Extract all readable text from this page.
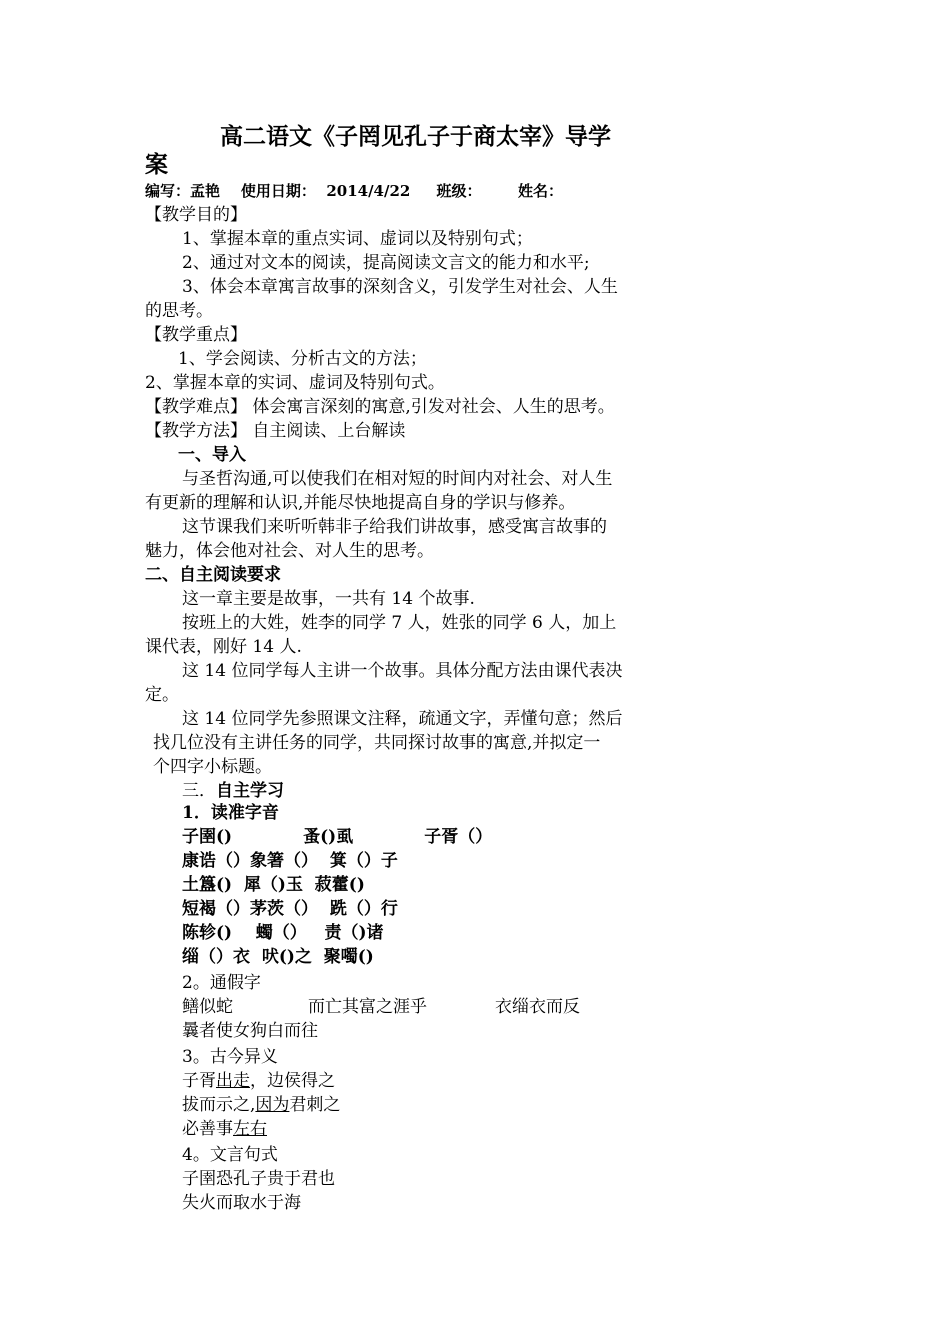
高二语文《子罔见孔子于商太宰》导学
案
编写：孟艳    使用日期：  2014/4/22     班级：       姓名：
【教学目的】
1、掌握本章的重点实词、虚词以及特别句式；
2、通过对文本的阅读，提高阅读文言文的能力和水平;
3、体会本章寓言故事的深刻含义，引发学生对社会、人生
的思考。
【教学重点】
1、学会阅读、分析古文的方法；
2、掌握本章的实词、虚词及特别句式。
【教学难点】 体会寓言深刻的寓意,引发对社会、人生的思考。
【教学方法】 自主阅读、上台解读
一、导入
与圣哲沟通,可以使我们在相对短的时间内对社会、对人生
有更新的理解和认识,并能尽快地提高自身的学识与修养。
这节课我们来听听韩非子给我们讲故事，感受寓言故事的
魅力，体会他对社会、对人生的思考。
二、自主阅读要求
这一章主要是故事，一共有 14 个故事.
按班上的大姓，姓李的同学 7 人，姓张的同学 6 人，加上
课代表，刚好 14 人.
这 14 位同学每人主讲一个故事。具体分配方法由课代表决
定。
这 14 位同学先参照课文注释，疏通文字，弄懂句意；然后
找几位没有主讲任务的同学，共同探讨故事的寓意,并拟定一
个四字小标题。
三．自主学习
1．读准字音
子圉()            蚤()虱            子胥（）
康诰（）象箸（）  箕（）子
土簋()  犀（)玉  菽藿()
短褐（）茅茨（）  跣（）行
陈轸()    蠋（）   责（)诸
缁（）衣  吠()之  聚噣()
2。通假字
鳝似蛇	而亡其富之涯乎	衣缁衣而反
曩者使女狗白而往
3。古今异义
子胥出走，边侯得之
拔而示之,因为君刺之
必善事左右
4。文言句式
子圉恐孔子贵于君也
失火而取水于海
